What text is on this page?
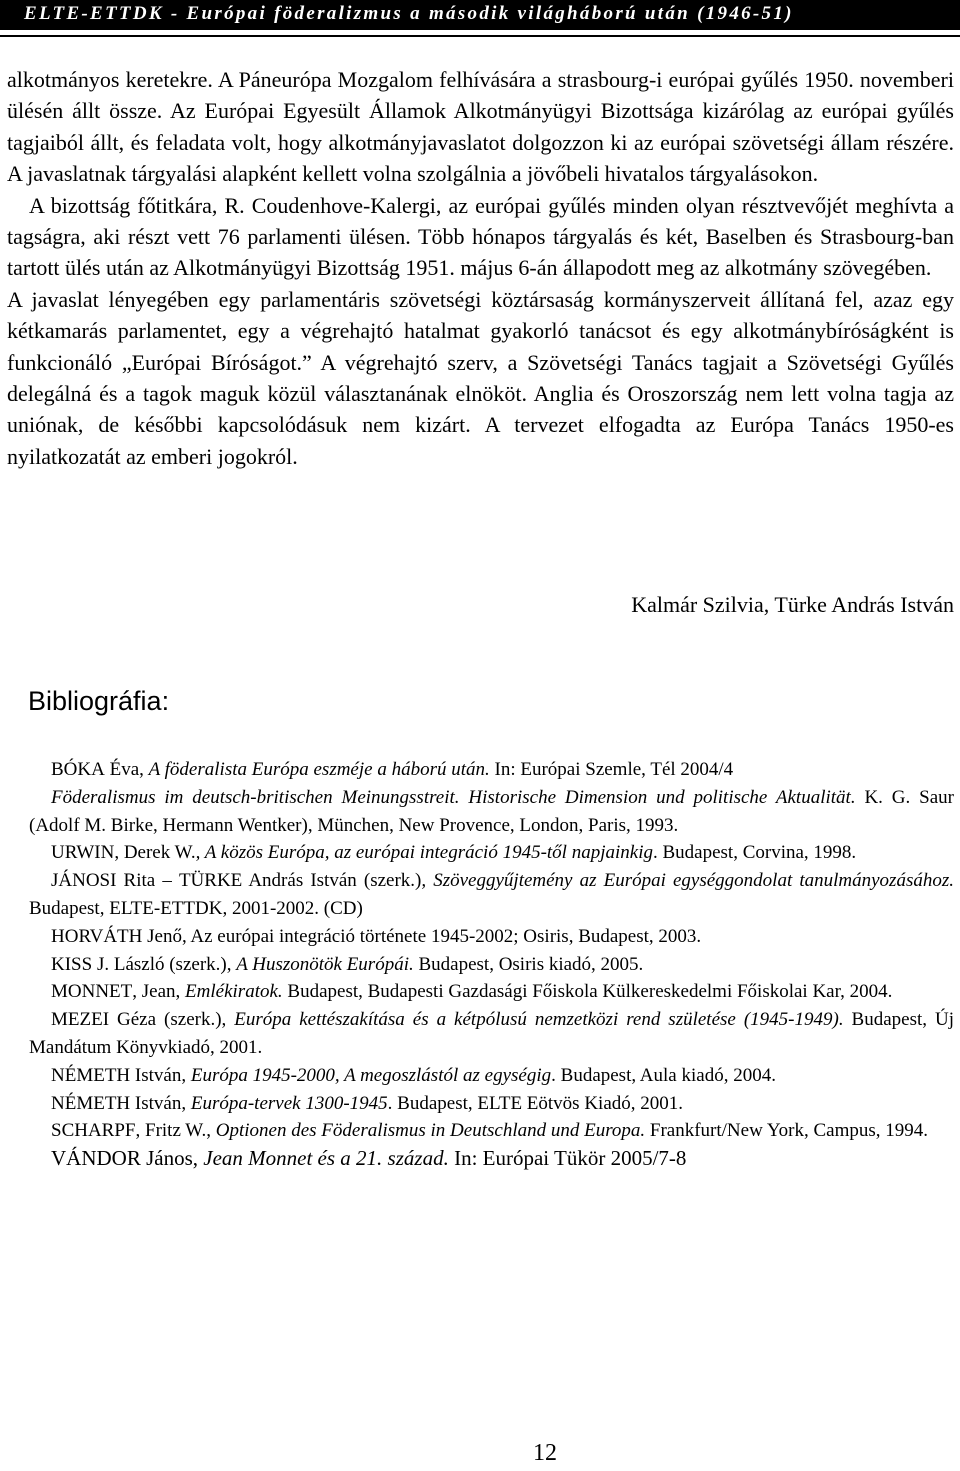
ELTE-ETTDK - Európai föderalizmus a második világháború után (1946-51)

alkotmányos keretekre. A Páneurópa Mozgalom felhívására a strasbourg-i európai gyűlés 1950. novemberi ülésén állt össze. Az Európai Egyesült Államok Alkotmányügyi Bizottsága kizárólag az európai gyűlés tagjaiból állt, és feladata volt, hogy alkotmányjavaslatot dolgozzon ki az európai szövetségi állam részére. A javaslatnak tárgyalási alapként kellett volna szolgálnia a jövőbeli hivatalos tárgyalásokon.

A bizottság főtitkára, R. Coudenhove-Kalergi, az európai gyűlés minden olyan résztvevőjét meghívta a tagságra, aki részt vett 76 parlamenti ülésen. Több hónapos tárgyalás és két, Baselben és Strasbourg-ban tartott ülés után az Alkotmányügyi Bizottság 1951. május 6-án állapodott meg az alkotmány szövegében.

A javaslat lényegében egy parlamentáris szövetségi köztársaság kormányszerveit állítaná fel, azaz egy kétkamarás parlamentet, egy a végrehajtó hatalmat gyakorló tanácsot és egy alkotmánybíróságként is funkcionáló „Európai Bíróságot.” A végrehajtó szerv, a Szövetségi Tanács tagjait a Szövetségi Gyűlés delegálná és a tagok maguk közül választanának elnököt. Anglia és Oroszország nem lett volna tagja az uniónak, de későbbi kapcsolódásuk nem kizárt. A tervezet elfogadta az Európa Tanács 1950-es nyilatkozatát az emberi jogokról.

Kalmár Szilvia, Türke András István
Bibliográfia:

BÓKA Éva, A föderalista Európa eszméje a háború után. In: Európai Szemle, Tél 2004/4

Föderalismus im deutsch-britischen Meinungsstreit. Historische Dimension und politische Aktualität. K. G. Saur (Adolf M. Birke, Hermann Wentker), München, New Provence, London, Paris, 1993.

URWIN, Derek W., A közös Európa, az európai integráció 1945-től napjainkig. Budapest, Corvina, 1998.

JÁNOSI Rita – TÜRKE András István (szerk.), Szöveggyűjtemény az Európai egységgondolat tanulmányozásához. Budapest, ELTE-ETTDK, 2001-2002. (CD)

HORVÁTH Jenő, Az európai integráció története 1945-2002; Osiris, Budapest, 2003.

KISS J. László (szerk.), A Huszonötök Európái. Budapest, Osiris kiadó, 2005.

MONNET, Jean, Emlékiratok. Budapest, Budapesti Gazdasági Főiskola Külkereskedelmi Főiskolai Kar, 2004.

MEZEI Géza (szerk.), Európa kettészakítása és a kétpólusú nemzetközi rend születése (1945-1949). Budapest, Új Mandátum Könyvkiadó, 2001.

NÉMETH István, Európa 1945-2000, A megoszlástól az egységig. Budapest, Aula kiadó, 2004.

NÉMETH István, Európa-tervek 1300-1945. Budapest, ELTE Eötvös Kiadó, 2001.

SCHARPF, Fritz W., Optionen des Föderalismus in Deutschland und Europa. Frankfurt/New York, Campus, 1994.

VÁNDOR János, Jean Monnet és a 21. század. In: Európai Tükör 2005/7-8

12
